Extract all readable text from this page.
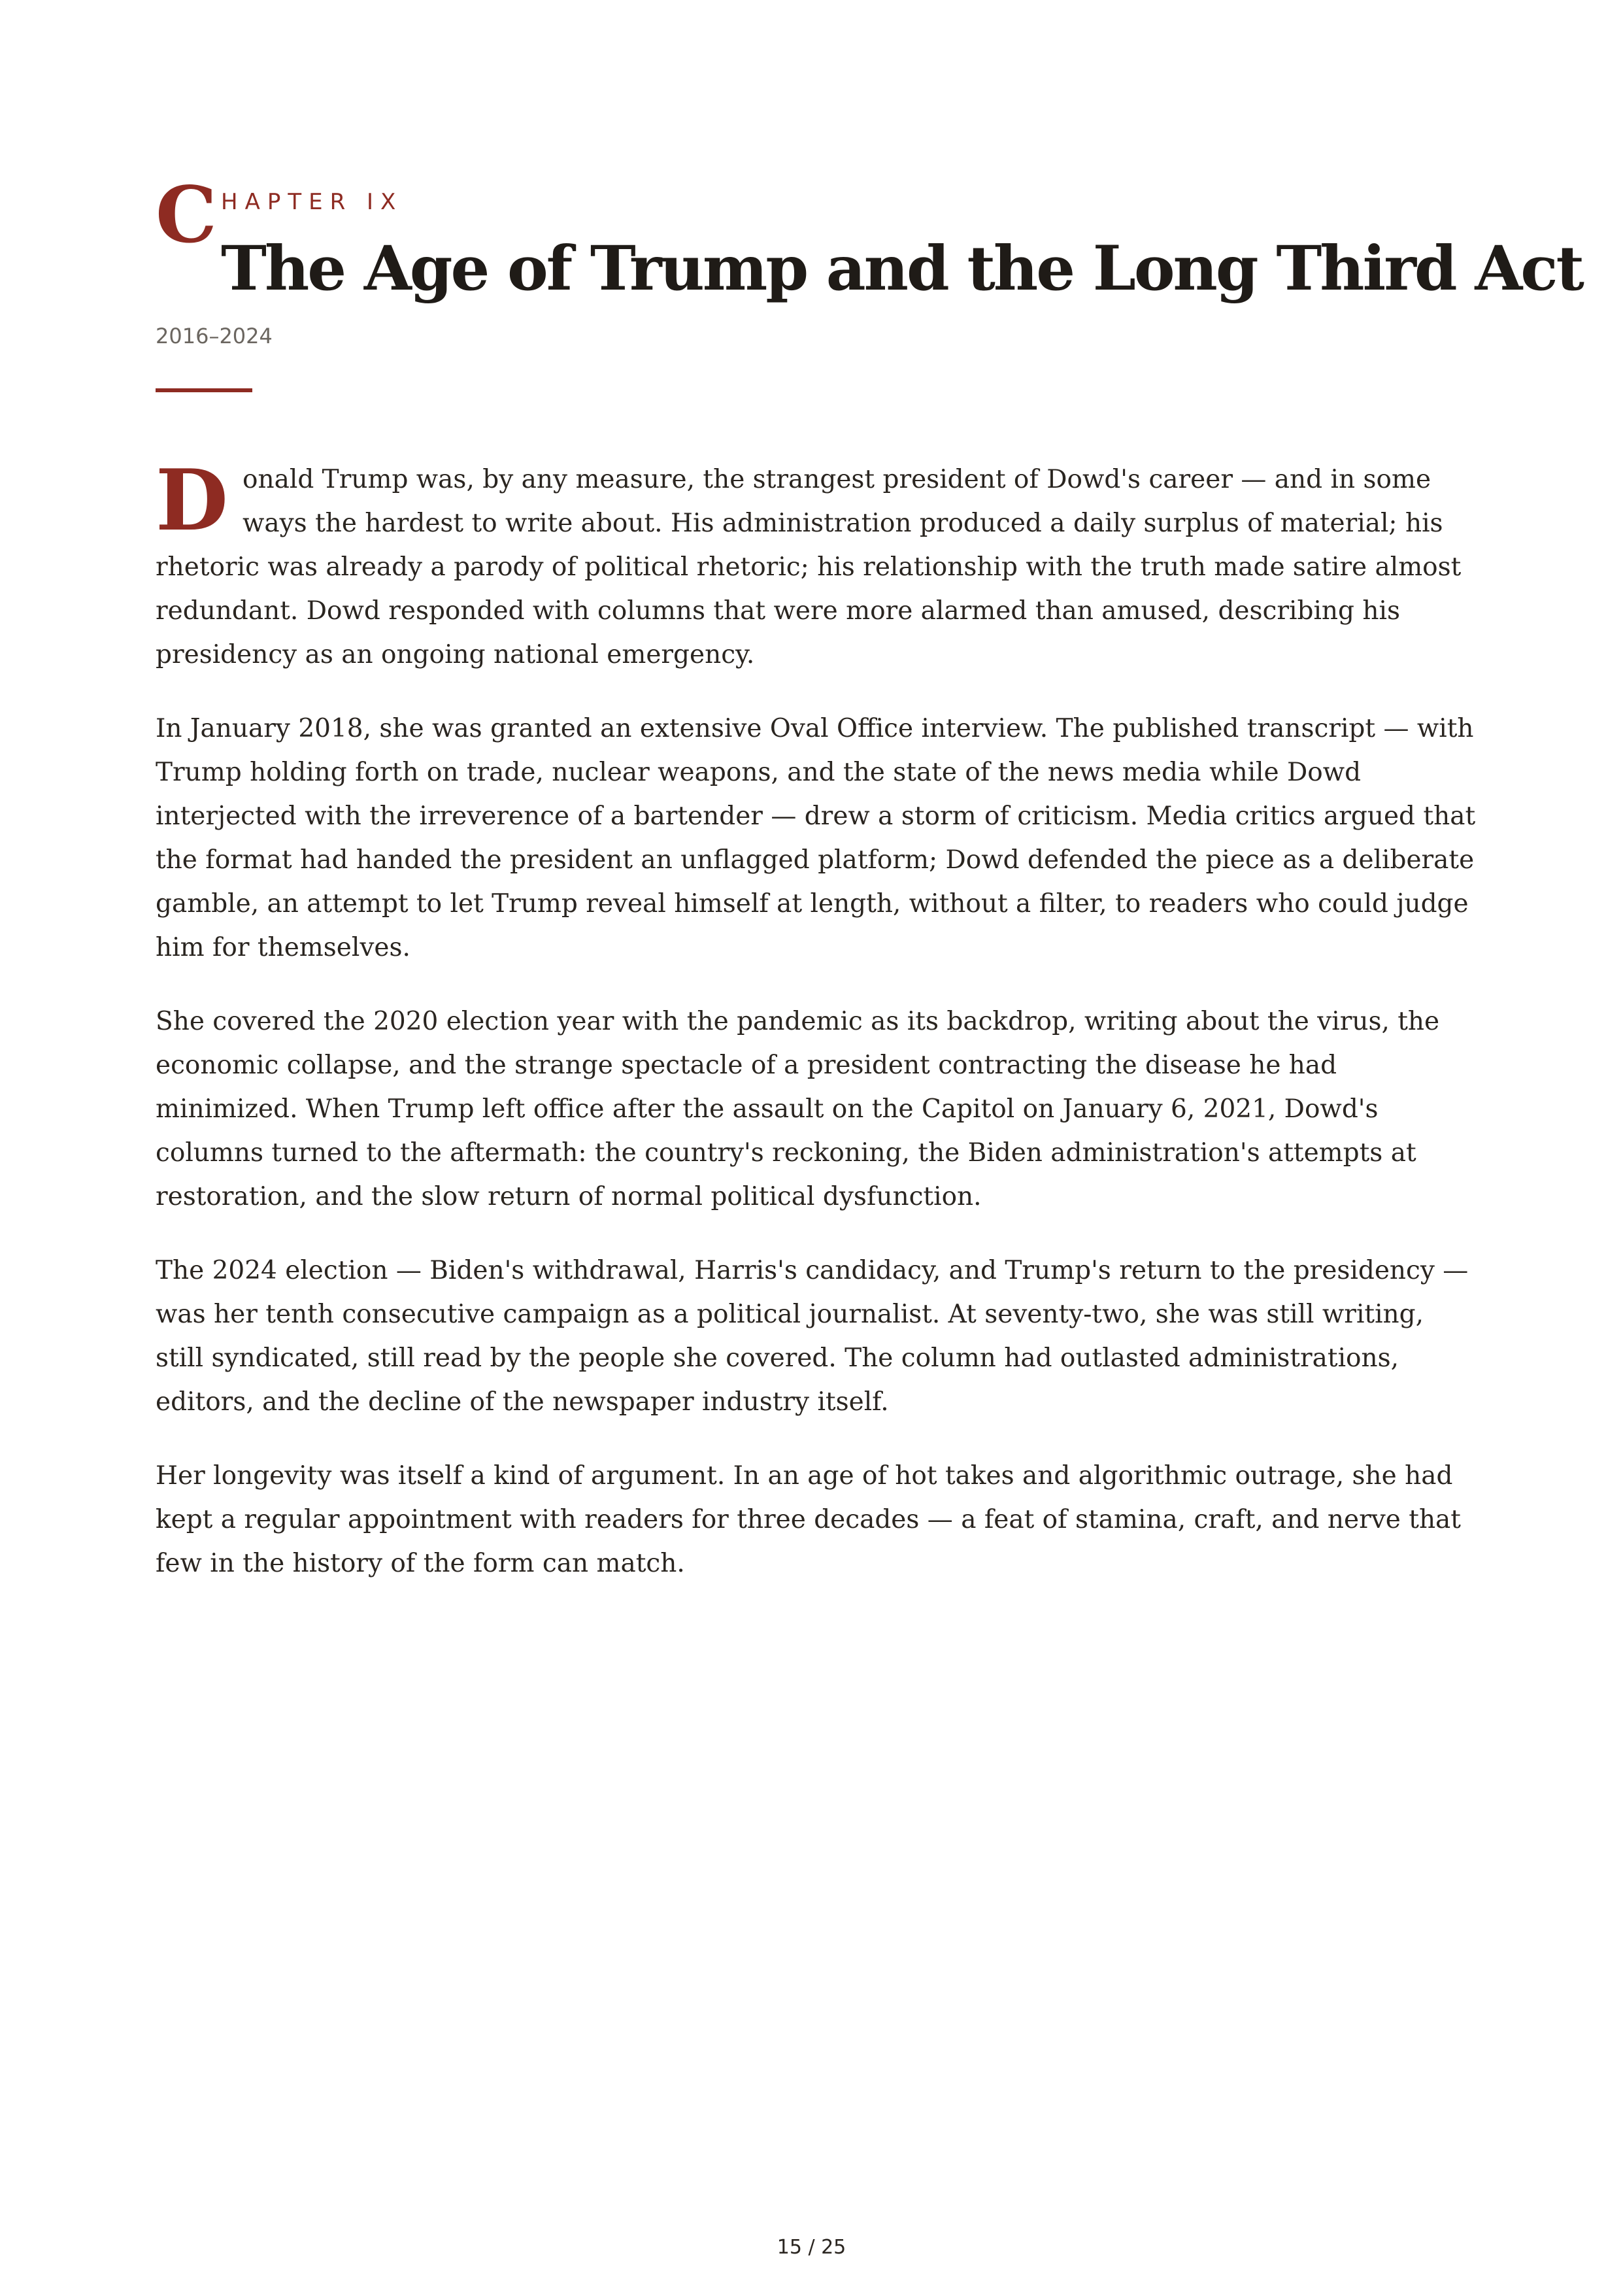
C HAPTER IX
The Age of Trump and the Long Third Act
2016–2024

Donald Trump was, by any measure, the strangest president of Dowd's career — and in some ways the hardest to write about. His administration produced a daily surplus of material; his rhetoric was already a parody of political rhetoric; his relationship with the truth made satire almost redundant. Dowd responded with columns that were more alarmed than amused, describing his presidency as an ongoing national emergency.

In January 2018, she was granted an extensive Oval Office interview. The published transcript — with Trump holding forth on trade, nuclear weapons, and the state of the news media while Dowd interjected with the irreverence of a bartender — drew a storm of criticism. Media critics argued that the format had handed the president an unflagged platform; Dowd defended the piece as a deliberate gamble, an attempt to let Trump reveal himself at length, without a filter, to readers who could judge him for themselves.

She covered the 2020 election year with the pandemic as its backdrop, writing about the virus, the economic collapse, and the strange spectacle of a president contracting the disease he had minimized. When Trump left office after the assault on the Capitol on January 6, 2021, Dowd's columns turned to the aftermath: the country's reckoning, the Biden administration's attempts at restoration, and the slow return of normal political dysfunction.

The 2024 election — Biden's withdrawal, Harris's candidacy, and Trump's return to the presidency — was her tenth consecutive campaign as a political journalist. At seventy-two, she was still writing, still syndicated, still read by the people she covered. The column had outlasted administrations, editors, and the decline of the newspaper industry itself.

Her longevity was itself a kind of argument. In an age of hot takes and algorithmic outrage, she had kept a regular appointment with readers for three decades — a feat of stamina, craft, and nerve that few in the history of the form can match.

15 / 25
